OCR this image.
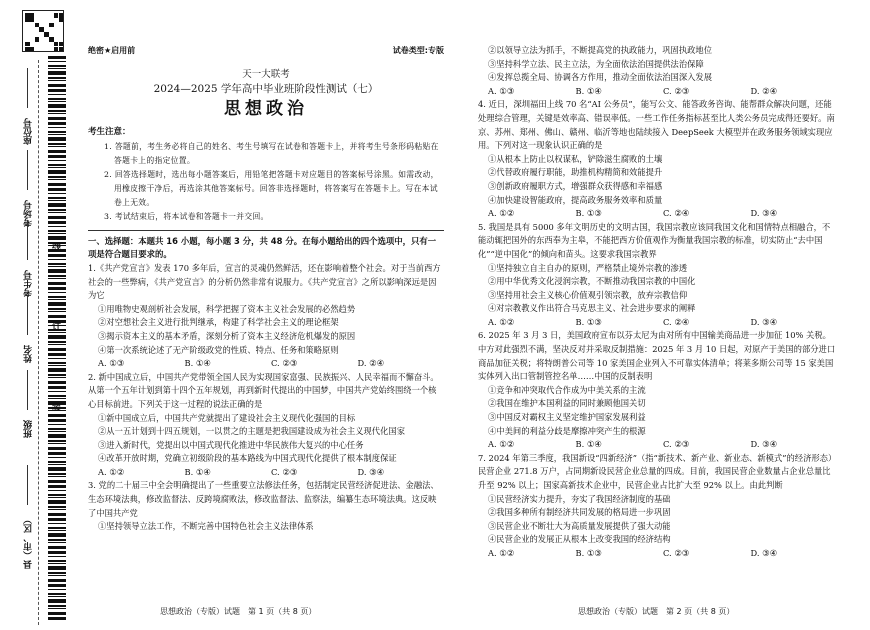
座位号
考场号
考生号
姓名
班级
县（市、区）
线
订
装
绝密★启用前	试卷类型:专版
天一大联考
2024—2025 学年高中毕业班阶段性测试（七）
思想政治
考生注意：
1. 答题前，考生务必将自己的姓名、考生号填写在试卷和答题卡上，并将考生号条形码粘贴在答题卡上的指定位置。
2. 回答选择题时，选出每小题答案后，用铅笔把答题卡对应题目的答案标号涂黑。如需改动，用橡皮擦干净后，再选涂其他答案标号。回答非选择题时，将答案写在答题卡上。写在本试卷上无效。
3. 考试结束后，将本试卷和答题卡一并交回。
一、选择题：本题共 16 小题，每小题 3 分，共 48 分。在每小题给出的四个选项中，只有一项是符合题目要求的。
1.《共产党宣言》发表 170 多年后，宣言的灵魂仍然鲜活，还在影响着整个社会。对于当前西方社会的一些弊病，《共产党宣言》的分析仍然非常有说服力。《共产党宣言》之所以影响深远是因为它
①用唯物史观剖析社会发展，科学把握了资本主义社会发展的必然趋势
②对空想社会主义进行批判继承，构建了科学社会主义的理论框架
③揭示资本主义的基本矛盾，深刻分析了资本主义经济危机爆发的原因
④第一次系统论述了无产阶级政党的性质、特点、任务和策略原则
A. ①③	B. ①④	C. ②③	D. ②④
2. 新中国成立后，中国共产党带领全国人民为实现国家富强、民族振兴、人民幸福而不懈奋斗。从第一个五年计划到第十四个五年规划，再到新时代提出的中国梦，中国共产党始终围绕一个核心目标前进。下列关于这一过程的说法正确的是
①新中国成立后，中国共产党就提出了建设社会主义现代化强国的目标
②从一五计划到十四五规划，一以贯之的主题是把我国建设成为社会主义现代化国家
③进入新时代，党提出以中国式现代化推进中华民族伟大复兴的中心任务
④改革开放时期，党确立初级阶段的基本路线为中国式现代化提供了根本制度保证
A. ①②	B. ①④	C. ②③	D. ③④
3. 党的二十届三中全会明确提出了一些重要立法修法任务，包括制定民营经济促进法、金融法、生态环境法典，修改监督法、反跨境腐败法，修改监督法、监察法，编纂生态环境法典。这反映了中国共产党
①坚持领导立法工作，不断完善中国特色社会主义法律体系
②以领导立法为抓手，不断提高党的执政能力，巩固执政地位
③坚持科学立法、民主立法，为全面依法治国提供法治保障
④发挥总揽全局、协调各方作用，推动全面依法治国深入发展
A. ①③	B. ①④	C. ②③	D. ②④
4. 近日，深圳福田上线 70 名“AI 公务员”，能写公文、能答政务咨询、能帮群众解决问题，还能处理综合管理，关键是效率高、错误率低。一些工作任务指标甚至比人类公务员完成得还要好。南京、苏州、郑州、佛山、赣州、临沂等地也陆续接入 DeepSeek 大模型并在政务服务领域实现应用。下列对这一现象认识正确的是
①从根本上防止以权谋私，铲除滋生腐败的土壤
②代替政府履行职能，助推机构精简和效能提升
③创新政府履职方式，增强群众获得感和幸福感
④加快建设智能政府，提高政务服务效率和质量
A. ①②	B. ①③	C. ②④	D. ③④
5. 我国是具有 5000 多年文明历史的文明古国，我国宗教应该同我国文化和国情特点相融合，不能动辄把国外的东西奉为主皋，不能把西方价值观作为衡量我国宗教的标准，切实防止“去中国化”“逆中国化”的倾向和苗头。这要求我国宗教界
①坚持独立自主自办的原则，严格禁止境外宗教的渗透
②用中华优秀文化浸润宗教，不断推动我国宗教的中国化
③坚持用社会主义核心价值观引领宗教，放弃宗教信仰
④对宗教教义作出符合马克思主义、社会进步要求的阐释
A. ①②	B. ①③	C. ②④	D. ③④
6. 2025 年 3 月 3 日，美国政府宣布以芬太尼为由对所有中国输美商品进一步加征 10% 关税。中方对此强烈不满，坚决反对并采取反制措施：2025 年 3 月 10 日起，对原产于美国的部分进口商品加征关税；将特朗普公司等 10 家美国企业列入不可靠实体清单；将莱多斯公司等 15 家美国实体列入出口管制管控名单……中国的反制表明
①竞争和冲突取代合作成为中美关系的主流
②我国在维护本国利益的同时兼顾他国关切
③中国反对霸权主义坚定维护国家发展利益
④中美间的利益分歧是摩擦冲突产生的根源
A. ①②	B. ①④	C. ②③	D. ③④
7. 2024 年第三季度，我国新设“四新经济”（指“新技术、新产业、新业态、新模式”的经济形态）民营企业 271.8 万户，占同期新设民营企业总量的四成。目前，我国民营企业数量占企业总量比升至 92% 以上；国家高新技术企业中，民营企业占比扩大至 92% 以上。由此判断
①民营经济实力提升，夯实了我国经济制度的基础
②我国多种所有制经济共同发展的格局进一步巩固
③民营企业不断壮大为高质量发展提供了强大动能
④民营企业的发展正从根本上改变我国的经济结构
A. ①②	B. ①③	C. ②③	D. ③④
思想政治（专版）试题　第 1 页（共 8 页）	思想政治（专版）试题　第 2 页（共 8 页）
